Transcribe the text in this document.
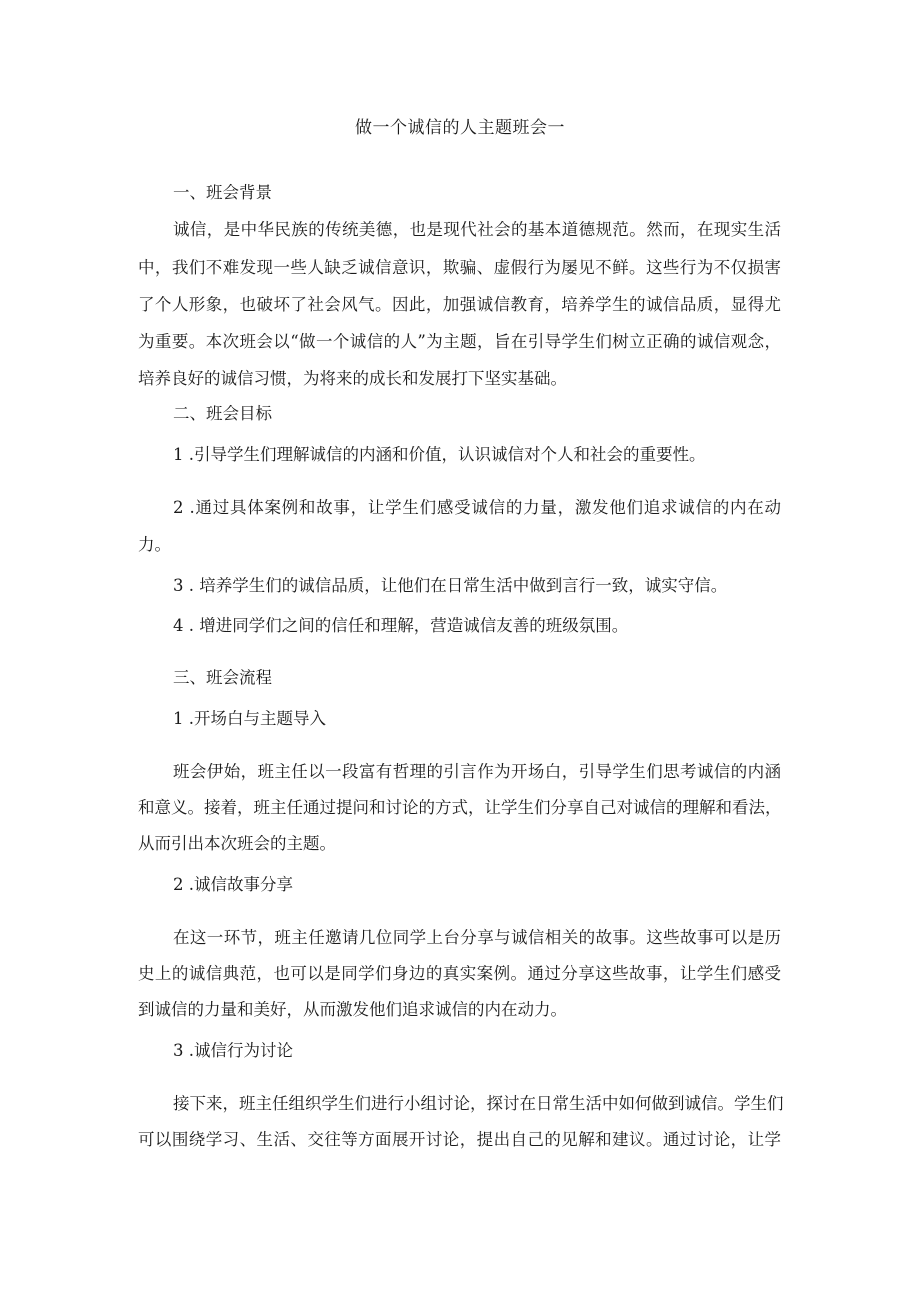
做一个诚信的人主题班会一
一、班会背景
诚信，是中华民族的传统美德，也是现代社会的基本道德规范。然而，在现实生活
中，我们不难发现一些人缺乏诚信意识，欺骗、虚假行为屡见不鲜。这些行为不仅损害
了个人形象，也破坏了社会风气。因此，加强诚信教育，培养学生的诚信品质，显得尤
为重要。本次班会以“做一个诚信的人”为主题，旨在引导学生们树立正确的诚信观念，
培养良好的诚信习惯，为将来的成长和发展打下坚实基础。
二、班会目标
1 .引导学生们理解诚信的内涵和价值，认识诚信对个人和社会的重要性。
2 .通过具体案例和故事，让学生们感受诚信的力量，激发他们追求诚信的内在动
力。
3 . 培养学生们的诚信品质，让他们在日常生活中做到言行一致，诚实守信。
4 . 增进同学们之间的信任和理解，营造诚信友善的班级氛围。
三、班会流程
1 .开场白与主题导入
班会伊始，班主任以一段富有哲理的引言作为开场白，引导学生们思考诚信的内涵
和意义。接着，班主任通过提问和讨论的方式，让学生们分享自己对诚信的理解和看法，
从而引出本次班会的主题。
2 .诚信故事分享
在这一环节，班主任邀请几位同学上台分享与诚信相关的故事。这些故事可以是历
史上的诚信典范，也可以是同学们身边的真实案例。通过分享这些故事，让学生们感受
到诚信的力量和美好，从而激发他们追求诚信的内在动力。
3 .诚信行为讨论
接下来，班主任组织学生们进行小组讨论，探讨在日常生活中如何做到诚信。学生们
可以围绕学习、生活、交往等方面展开讨论，提出自己的见解和建议。通过讨论，让学
